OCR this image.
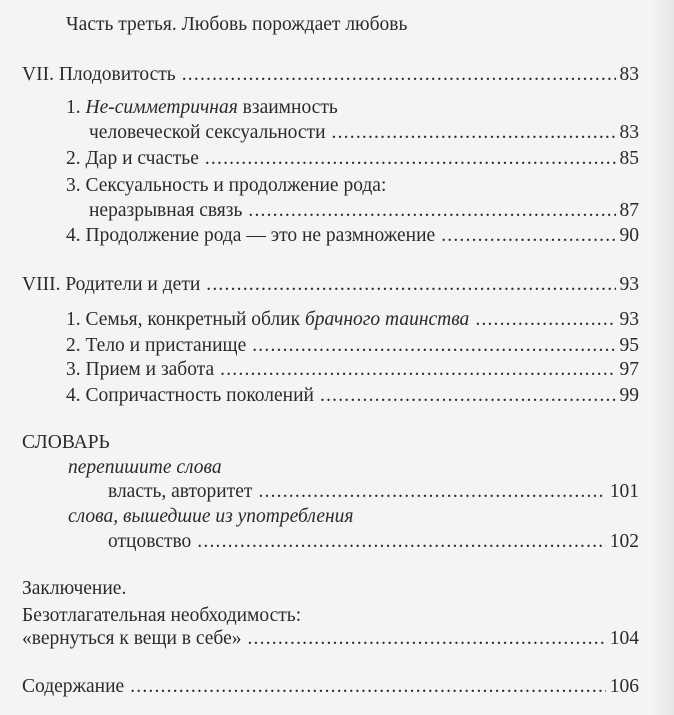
Часть третья. Любовь порождает любовь
VII. Плодовитость .....	83
1. Не-симметричная взаимность
человеческой сексуальности .....	83
2. Дар и счастье .....	85
3. Сексуальность и продолжение рода:
неразрывная связь .....	87
4. Продолжение рода — это не размножение .....	90
VIII. Родители и дети .....	93
1. Семья, конкретный облик брачного таинства .....	93
2. Тело и пристанище .....	95
3. Прием и забота .....	97
4. Сопричастность поколений .....	99
СЛОВАРЬ
перепишите слова
власть, авторитет .....	101
слова, вышедшие из употребления
отцовство .....	102
Заключение.
Безотлагательная необходимость:
«вернуться к вещи в себе» .....	104
Содержание .....	106
